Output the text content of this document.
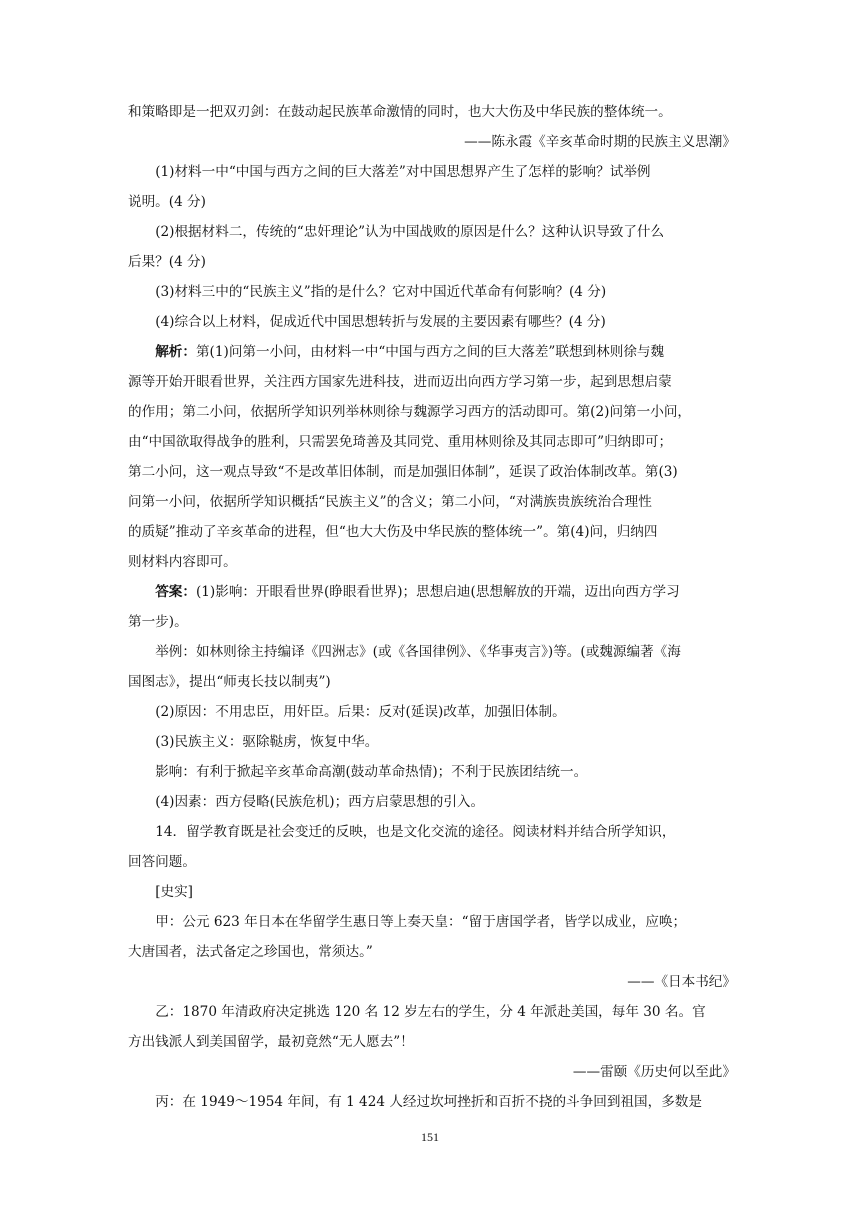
和策略即是一把双刃剑：在鼓动起民族革命激情的同时，也大大伤及中华民族的整体统一。
——陈永霞《辛亥革命时期的民族主义思潮》
(1)材料一中“中国与西方之间的巨大落差”对中国思想界产生了怎样的影响？试举例
说明。(4 分)
(2)根据材料二，传统的“忠奸理论”认为中国战败的原因是什么？这种认识导致了什么
后果？(4 分)
(3)材料三中的“民族主义”指的是什么？它对中国近代革命有何影响？(4 分)
(4)综合以上材料，促成近代中国思想转折与发展的主要因素有哪些？(4 分)
解析：第(1)问第一小问，由材料一中“中国与西方之间的巨大落差”联想到林则徐与魏
源等开始开眼看世界，关注西方国家先进科技，进而迈出向西方学习第一步，起到思想启蒙
的作用；第二小问，依据所学知识列举林则徐与魏源学习西方的活动即可。第(2)问第一小问，
由“中国欲取得战争的胜利，只需罢免琦善及其同党、重用林则徐及其同志即可”归纳即可；
第二小问，这一观点导致“不是改革旧体制，而是加强旧体制”，延误了政治体制改革。第(3)
问第一小问，依据所学知识概括“民族主义”的含义；第二小问，“对满族贵族统治合理性
的质疑”推动了辛亥革命的进程，但“也大大伤及中华民族的整体统一”。第(4)问，归纳四
则材料内容即可。
答案：(1)影响：开眼看世界(睁眼看世界)；思想启迪(思想解放的开端，迈出向西方学习
第一步)。
举例：如林则徐主持编译《四洲志》(或《各国律例》、《华事夷言》)等。(或魏源编著《海
国图志》，提出“师夷长技以制夷”)
(2)原因：不用忠臣，用奸臣。后果：反对(延误)改革，加强旧体制。
(3)民族主义：驱除鞑虏，恢复中华。
影响：有利于掀起辛亥革命高潮(鼓动革命热情)；不利于民族团结统一。
(4)因素：西方侵略(民族危机)；西方启蒙思想的引入。
14．留学教育既是社会变迁的反映，也是文化交流的途径。阅读材料并结合所学知识，
回答问题。
[史实]
甲：公元 623 年日本在华留学生惠日等上奏天皇：“留于唐国学者，皆学以成业，应唤；
大唐国者，法式备定之珍国也，常须达。”
——《日本书纪》
乙：1870 年清政府决定挑选 120 名 12 岁左右的学生，分 4 年派赴美国，每年 30 名。官
方出钱派人到美国留学，最初竟然“无人愿去”！
——雷颐《历史何以至此》
丙：在 1949～1954 年间，有 1 424 人经过坎坷挫折和百折不挠的斗争回到祖国，多数是
151
